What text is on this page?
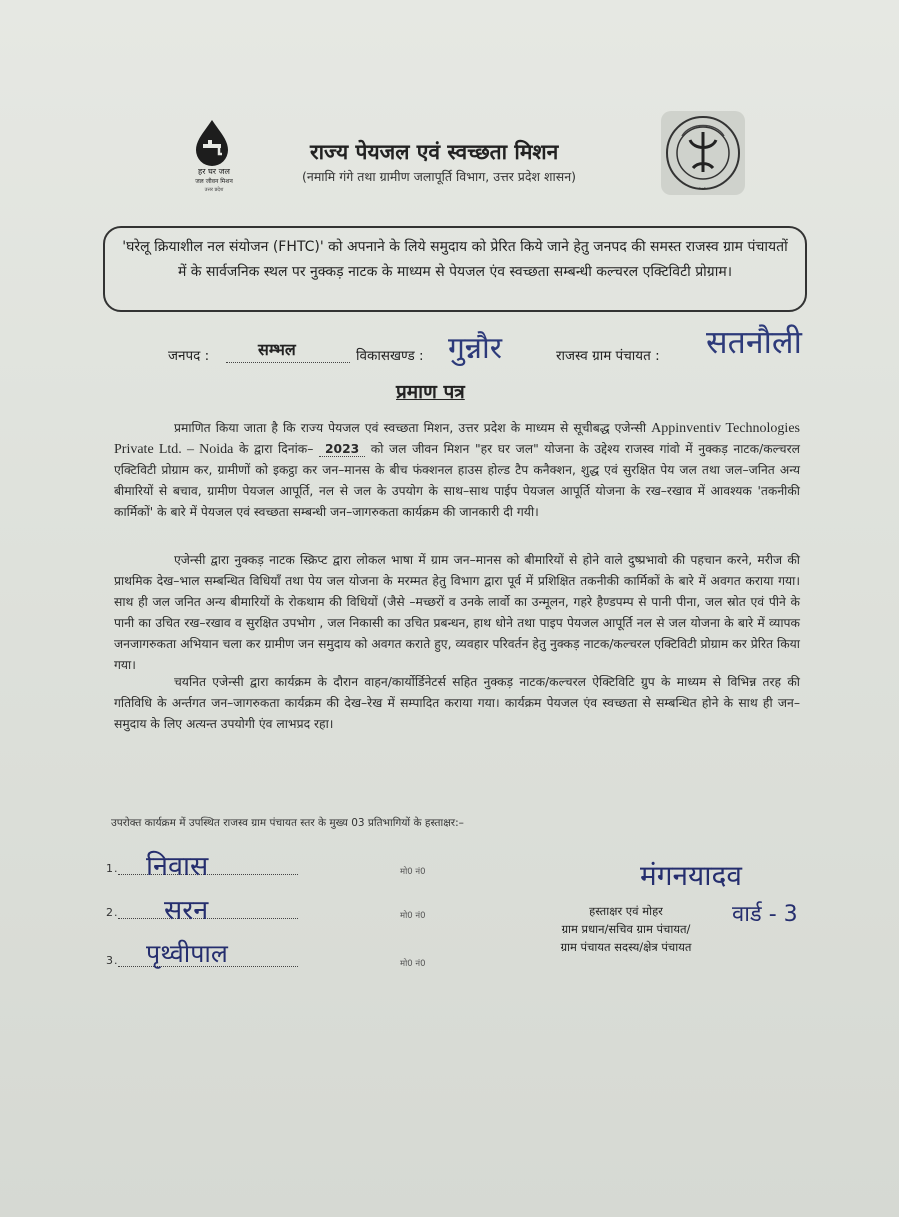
हर घर जल
जल जीवन मिशन
उत्तर प्रदेश
राज्य पेयजल एवं स्वच्छता मिशन
(नमामि गंगे तथा ग्रामीण जलापूर्ति विभाग, उत्तर प्रदेश शासन)
~~~~
'घरेलू क्रियाशील नल संयोजन (FHTC)' को अपनाने के लिये समुदाय को प्रेरित किये जाने हेतु जनपद की समस्त राजस्व ग्राम पंचायतों में के सार्वजनिक स्थल पर नुक्कड़ नाटक के माध्यम से पेयजल एंव स्वच्छता सम्बन्धी कल्चरल एक्टिविटी प्रोग्राम।
जनपद :	सम्भल	विकासखण्ड : गुन्नौर	राजस्व ग्राम पंचायत : सतनौली
प्रमाण पत्र
प्रमाणित किया जाता है कि राज्य पेयजल एवं स्वच्छता मिशन, उत्तर प्रदेश के माध्यम से सूचीबद्ध एजेन्सी Appinventiv Technologies Private Ltd. – Noida के द्वारा दिनांक– 2023 को जल जीवन मिशन "हर घर जल" योजना के उद्देश्य राजस्व गांवो में नुक्कड़ नाटक/कल्चरल एक्टिविटी प्रोग्राम कर, ग्रामीणों को इकट्ठा कर जन–मानस के बीच फंक्शनल हाउस होल्ड टैप कनैक्शन, शुद्ध एवं सुरक्षित पेय जल तथा जल–जनित अन्य बीमारियों से बचाव, ग्रामीण पेयजल आपूर्ति, नल से जल के उपयोग के साथ–साथ पाईप पेयजल आपूर्ति योजना के रख–रखाव में आवश्यक 'तकनीकी कार्मिकों' के बारे में पेयजल एवं स्वच्छता सम्बन्धी जन–जागरुकता कार्यक्रम की जानकारी दी गयी।
एजेन्सी द्वारा नुक्कड़ नाटक स्क्रिप्ट द्वारा लोकल भाषा में ग्राम जन–मानस को बीमारियों से होने वाले दुष्प्रभावो की पहचान करने, मरीज की प्राथमिक देख–भाल सम्बन्धित विधियाँ तथा पेय जल योजना के मरम्मत हेतु विभाग द्वारा पूर्व में प्रशिक्षित तकनीकी कार्मिकों के बारे में अवगत कराया गया। साथ ही जल जनित अन्य बीमारियों के रोकथाम की विधियों (जैसे –मच्छरों व उनके लार्वो का उन्मूलन, गहरे हैण्डपम्प से पानी पीना, जल स्रोत एवं पीने के पानी का उचित रख–रखाव व सुरक्षित उपभोग , जल निकासी का उचित प्रबन्धन, हाथ धोने तथा पाइप पेयजल आपूर्ति नल से जल योजना के बारे में व्यापक जनजागरुकता अभियान चला कर ग्रामीण जन समुदाय को अवगत कराते हुए, व्यवहार परिवर्तन हेतु नुक्कड़ नाटक/कल्चरल एक्टिविटी प्रोग्राम कर प्रेरित किया गया।
चयनित एजेन्सी द्वारा कार्यक्रम के दौरान वाहन/कार्योर्डिनेटर्स सहित नुक्कड़ नाटक/कल्चरल ऐक्टिविटि ग्रुप के माध्यम से विभिन्न तरह की गतिविधि के अर्न्तगत जन–जागरुकता कार्यक्रम की देख–रेख में सम्पादित कराया गया। कार्यक्रम पेयजल एंव स्वच्छता से सम्बन्धित होने के साथ ही जन–समुदाय के लिए अत्यन्त उपयोगी एंव लाभप्रद रहा।
उपरोक्त कार्यक्रम में उपस्थित राजस्व ग्राम पंचायत स्तर के मुख्य 03 प्रतिभागियों के हस्ताक्षर:–
1. निवास	मो0 नं0
2. सरन	मो0 नं0
3. पृथ्वीपाल	मो0 नं0
मंगनयादव
वार्ड - 3
हस्ताक्षर एवं मोहर
ग्राम प्रधान/सचिव ग्राम पंचायत/
ग्राम पंचायत सदस्य/क्षेत्र पंचायत
